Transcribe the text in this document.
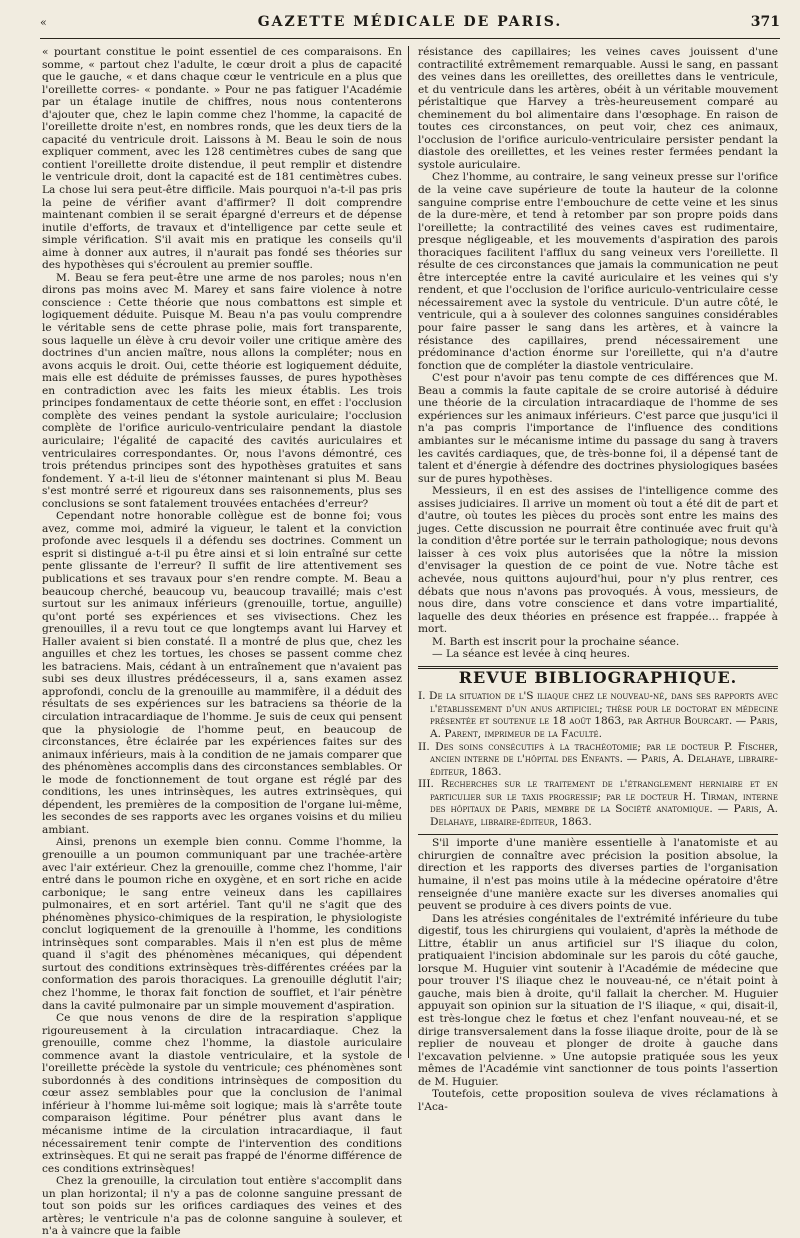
«	GAZETTE MÉDICALE DE PARIS.	371

« pourtant constitue le point essentiel de ces comparaisons. En somme, « partout chez l'adulte, le cœur droit a plus de capacité que le gauche, « et dans chaque cœur le ventricule en a plus que l'oreillette corres- « pondante. » Pour ne pas fatiguer l'Académie par un étalage inutile de chiffres, nous nous contenterons d'ajouter que, chez le lapin comme chez l'homme, la capacité de l'oreillette droite n'est, en nombres ronds, que les deux tiers de la capacité du ventricule droit. Laissons à M. Beau le soin de nous expliquer comment, avec les 128 centimètres cubes de sang que contient l'oreillette droite distendue, il peut remplir et distendre le ventricule droit, dont la capacité est de 181 centimètres cubes. La chose lui sera peut-être difficile. Mais pourquoi n'a-t-il pas pris la peine de vérifier avant d'affirmer? Il doit comprendre maintenant combien il se serait épargné d'erreurs et de dépense inutile d'efforts, de travaux et d'intelligence par cette seule et simple vérification. S'il avait mis en pratique les conseils qu'il aime à donner aux autres, il n'aurait pas fondé ses théories sur des hypothèses qui s'écroulent au premier souffle.

M. Beau se fera peut-être une arme de nos paroles; nous n'en dirons pas moins avec M. Marey et sans faire violence à notre conscience : Cette théorie que nous combattons est simple et logiquement déduite. Puisque M. Beau n'a pas voulu comprendre le véritable sens de cette phrase polie, mais fort transparente, sous laquelle un élève à cru devoir voiler une critique amère des doctrines d'un ancien maître, nous allons la compléter; nous en avons acquis le droit. Oui, cette théorie est logiquement déduite, mais elle est déduite de prémisses fausses, de pures hypothèses en contradiction avec les faits les mieux établis. Les trois principes fondamentaux de cette théorie sont, en effet : l'occlusion complète des veines pendant la systole auriculaire; l'occlusion complète de l'orifice auriculo-ventriculaire pendant la diastole auriculaire; l'égalité de capacité des cavités auriculaires et ventriculaires correspondantes. Or, nous l'avons démontré, ces trois prétendus principes sont des hypothèses gratuites et sans fondement. Y a-t-il lieu de s'étonner maintenant si plus M. Beau s'est montré serré et rigoureux dans ses raisonnements, plus ses conclusions se sont fatalement trouvées entachées d'erreur?

Cependant notre honorable collègue est de bonne foi; vous avez, comme moi, admiré la vigueur, le talent et la conviction profonde avec lesquels il a défendu ses doctrines. Comment un esprit si distingué a-t-il pu être ainsi et si loin entraîné sur cette pente glissante de l'erreur? Il suffit de lire attentivement ses publications et ses travaux pour s'en rendre compte. M. Beau a beaucoup cherché, beaucoup vu, beaucoup travaillé; mais c'est surtout sur les animaux inférieurs (grenouille, tortue, anguille) qu'ont porté ses expériences et ses vivisections. Chez les grenouilles, il a revu tout ce que longtemps avant lui Harvey et Haller avaient si bien constaté. Il a montré de plus que, chez les anguilles et chez les tortues, les choses se passent comme chez les batraciens. Mais, cédant à un entraînement que n'avaient pas subi ses deux illustres prédécesseurs, il a, sans examen assez approfondi, conclu de la grenouille au mammifère, il a déduit des résultats de ses expériences sur les batraciens sa théorie de la circulation intracardiaque de l'homme. Je suis de ceux qui pensent que la physiologie de l'homme peut, en beaucoup de circonstances, être éclairée par les expériences faites sur des animaux inférieurs, mais à la condition de ne jamais comparer que des phénomènes accomplis dans des circonstances semblables. Or le mode de fonctionnement de tout organe est réglé par des conditions, les unes intrinsèques, les autres extrinsèques, qui dépendent, les premières de la composition de l'organe lui-même, les secondes de ses rapports avec les organes voisins et du milieu ambiant.

Ainsi, prenons un exemple bien connu. Comme l'homme, la grenouille a un poumon communiquant par une trachée-artère avec l'air extérieur. Chez la grenouille, comme chez l'homme, l'air entré dans le poumon riche en oxygène, et en sort riche en acide carbonique; le sang entre veineux dans les capillaires pulmonaires, et en sort artériel. Tant qu'il ne s'agit que des phénomènes physico-chimiques de la respiration, le physiologiste conclut logiquement de la grenouille à l'homme, les conditions intrinsèques sont comparables. Mais il n'en est plus de même quand il s'agit des phénomènes mécaniques, qui dépendent surtout des conditions extrinsèques très-différentes créées par la conformation des parois thoraciques. La grenouille déglutit l'air; chez l'homme, le thorax fait fonction de soufflet, et l'air pénètre dans la cavité pulmonaire par un simple mouvement d'aspiration.

Ce que nous venons de dire de la respiration s'applique rigoureusement à la circulation intracardiaque. Chez la grenouille, comme chez l'homme, la diastole auriculaire commence avant la diastole ventriculaire, et la systole de l'oreillette précède la systole du ventricule; ces phénomènes sont subordonnés à des conditions intrinsèques de composition du cœur assez semblables pour que la conclusion de l'animal inférieur à l'homme lui-même soit logique; mais là s'arrête toute comparaison légitime. Pour pénétrer plus avant dans le mécanisme intime de la circulation intracardiaque, il faut nécessairement tenir compte de l'intervention des conditions extrinsèques. Et qui ne serait pas frappé de l'énorme différence de ces conditions extrinsèques!

Chez la grenouille, la circulation tout entière s'accomplit dans un plan horizontal; il n'y a pas de colonne sanguine pressant de tout son poids sur les orifices cardiaques des veines et des artères; le ventricule n'a pas de colonne sanguine à soulever, et n'a à vaincre que la faible

résistance des capillaires; les veines caves jouissent d'une contractilité extrêmement remarquable. Aussi le sang, en passant des veines dans les oreillettes, des oreillettes dans le ventricule, et du ventricule dans les artères, obéit à un véritable mouvement péristaltique que Harvey a très-heureusement comparé au cheminement du bol alimentaire dans l'œsophage. En raison de toutes ces circonstances, on peut voir, chez ces animaux, l'occlusion de l'orifice auriculo-ventriculaire persister pendant la diastole des oreillettes, et les veines rester fermées pendant la systole auriculaire.

Chez l'homme, au contraire, le sang veineux presse sur l'orifice de la veine cave supérieure de toute la hauteur de la colonne sanguine comprise entre l'embouchure de cette veine et les sinus de la dure-mère, et tend à retomber par son propre poids dans l'oreillette; la contractilité des veines caves est rudimentaire, presque négligeable, et les mouvements d'aspiration des parois thoraciques facilitent l'afflux du sang veineux vers l'oreillette. Il résulte de ces circonstances que jamais la communication ne peut être interceptée entre la cavité auriculaire et les veines qui s'y rendent, et que l'occlusion de l'orifice auriculo-ventriculaire cesse nécessairement avec la systole du ventricule. D'un autre côté, le ventricule, qui a à soulever des colonnes sanguines considérables pour faire passer le sang dans les artères, et à vaincre la résistance des capillaires, prend nécessairement une prédominance d'action énorme sur l'oreillette, qui n'a d'autre fonction que de compléter la diastole ventriculaire.

C'est pour n'avoir pas tenu compte de ces différences que M. Beau a commis la faute capitale de se croire autorisé à déduire une théorie de la circulation intracardiaque de l'homme de ses expériences sur les animaux inférieurs. C'est parce que jusqu'ici il n'a pas compris l'importance de l'influence des conditions ambiantes sur le mécanisme intime du passage du sang à travers les cavités cardiaques, que, de très-bonne foi, il a dépensé tant de talent et d'énergie à défendre des doctrines physiologiques basées sur de pures hypothèses.

Messieurs, il en est des assises de l'intelligence comme des assises judiciaires. Il arrive un moment où tout a été dit de part et d'autre, où toutes les pièces du procès sont entre les mains des juges. Cette discussion ne pourrait être continuée avec fruit qu'à la condition d'être portée sur le terrain pathologique; nous devons laisser à ces voix plus autorisées que la nôtre la mission d'envisager la question de ce point de vue. Notre tâche est achevée, nous quittons aujourd'hui, pour n'y plus rentrer, ces débats que nous n'avons pas provoqués. À vous, messieurs, de nous dire, dans votre conscience et dans votre impartialité, laquelle des deux théories en présence est frappée… frappée à mort.

M. Barth est inscrit pour la prochaine séance.

— La séance est levée à cinq heures.

REVUE BIBLIOGRAPHIQUE.

I. De la situation de l'S iliaque chez le nouveau-né, dans ses rapports avec l'établissement d'un anus artificiel; thèse pour le doctorat en médecine présentée et soutenue le 18 août 1863, par Arthur Bourcart. — Paris, A. Parent, imprimeur de la Faculté.

II. Des soins consécutifs à la trachéotomie; par le docteur P. Fischer, ancien interne de l'hôpital des Enfants. — Paris, A. Delahaye, libraire-éditeur, 1863.

III. Recherches sur le traitement de l'étranglement herniaire et en particulier sur le taxis progressif; par le docteur H. Tirman, interne des hôpitaux de Paris, membre de la Société anatomique. — Paris, A. Delahaye, libraire-éditeur, 1863.

S'il importe d'une manière essentielle à l'anatomiste et au chirurgien de connaître avec précision la position absolue, la direction et les rapports des diverses parties de l'organisation humaine, il n'est pas moins utile à la médecine opératoire d'être renseignée d'une manière exacte sur les diverses anomalies qui peuvent se produire à ces divers points de vue.

Dans les atrésies congénitales de l'extrémité inférieure du tube digestif, tous les chirurgiens qui voulaient, d'après la méthode de Littre, établir un anus artificiel sur l'S iliaque du colon, pratiquaient l'incision abdominale sur les parois du côté gauche, lorsque M. Huguier vint soutenir à l'Académie de médecine que pour trouver l'S iliaque chez le nouveau-né, ce n'était point à gauche, mais bien à droite, qu'il fallait la chercher. M. Huguier appuyait son opinion sur la situation de l'S iliaque, « qui, disait-il, est très-longue chez le fœtus et chez l'enfant nouveau-né, et se dirige transversalement dans la fosse iliaque droite, pour de là se replier de nouveau et plonger de droite à gauche dans l'excavation pelvienne. » Une autopsie pratiquée sous les yeux mêmes de l'Académie vint sanctionner de tous points l'assertion de M. Huguier.

Toutefois, cette proposition souleva de vives réclamations à l'Aca-
